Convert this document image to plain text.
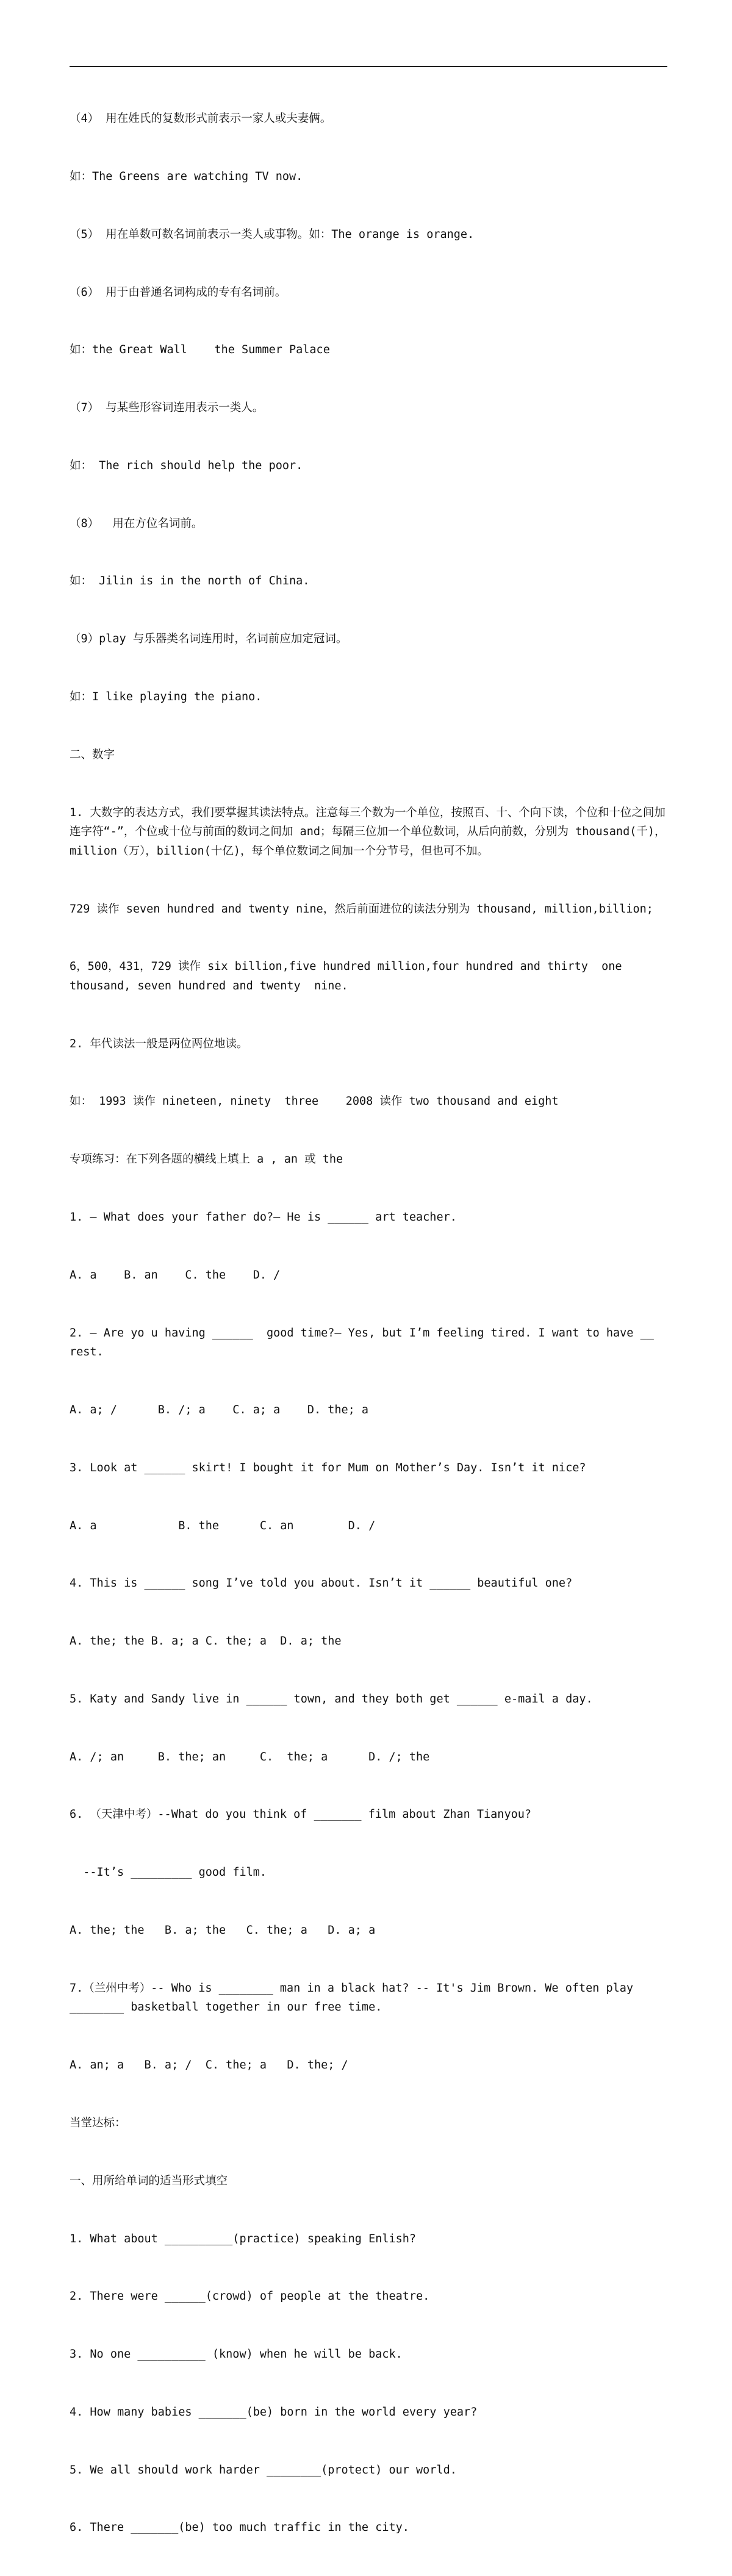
（4） 用在姓氏的复数形式前表示一家人或夫妻俩。

如：The Greens are watching TV now.

（5） 用在单数可数名词前表示一类人或事物。如：The orange is orange.

（6） 用于由普通名词构成的专有名词前。

如：the Great Wall    the Summer Palace

（7） 与某些形容词连用表示一类人。

如： The rich should help the poor.

（8）  用在方位名词前。

如： Jilin is in the north of China.

（9）play 与乐器类名词连用时，名词前应加定冠词。

如：I like playing the piano.

二、数字

1. 大数字的表达方式，我们要掌握其读法特点。注意每三个数为一个单位，按照百、十、个向下读，个位和十位之间加连字符“-”，个位或十位与前面的数词之间加 and；每隔三位加一个单位数词，从后向前数，分别为 thousand(千)，million（万），billion(十亿)，每个单位数词之间加一个分节号，但也可不加。

729 读作 seven hundred and twenty nine，然后前面进位的读法分别为 thousand, million,billion;

6，500，431，729 读作 six billion,five hundred million,four hundred and thirty  one thousand, seven hundred and twenty  nine.

2. 年代读法一般是两位两位地读。

如： 1993 读作 nineteen, ninety  three    2008 读作 two thousand and eight

专项练习：在下列各题的横线上填上 a , an 或 the

1. — What does your father do?— He is ______ art teacher.

A. a    B. an    C. the    D. /

2. — Are yo u having ______  good time?— Yes, but I’m feeling tired. I want to have __ rest.

A. a; /      B. /; a    C. a; a    D. the; a

3. Look at ______ skirt! I bought it for Mum on Mother’s Day. Isn’t it nice?

A. a            B. the      C. an        D. /

4. This is ______ song I’ve told you about. Isn’t it ______ beautiful one?

A. the; the B. a; a C. the; a  D. a; the

5. Katy and Sandy live in ______ town, and they both get ______ e-mail a day.

A. /; an     B. the; an     C.  the; a      D. /; the

6. （天津中考）--What do you think of _______ film about Zhan Tianyou?

--It’s _________ good film.

A. the; the   B. a; the   C. the; a   D. a; a

7.（兰州中考）-- Who is ________ man in a black hat? -- It's Jim Brown. We often play ________ basketball together in our free time.

A. an; a   B. a; /  C. the; a   D. the; /

当堂达标：

一、用所给单词的适当形式填空

1. What about __________(practice) speaking Enlish?

2. There were ______(crowd) of people at the theatre.

3. No one __________ (know) when he will be back.

4. How many babies _______(be) born in the world every year?

5. We all should work harder ________(protect) our world.

6. There _______(be) too much traffic in the city.
